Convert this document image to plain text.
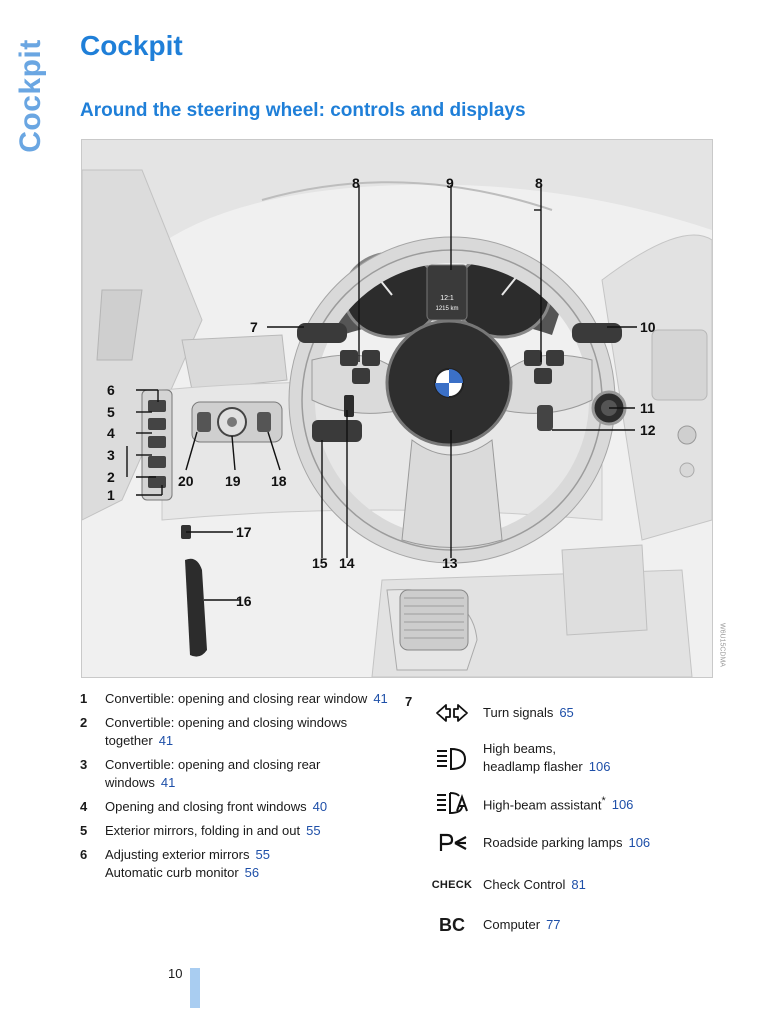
Cockpit Cockpit
Around the steering wheel: controls and displays
12:1
1215 km
8	9	8
7	10
6
5
4
3
2
1
20 19 18
11
12
13
14
15
16
17
W6U15CDMA
1 Convertible: opening and closing rear window 41
2 Convertible: opening and closing windows together 41
3 Convertible: opening and closing rear windows 41
4 Opening and closing front windows 40
5 Exterior mirrors, folding in and out 55
6 Adjusting exterior mirrors 55
Automatic curb monitor 56
7
Turn signals 65
High beams,
headlamp flasher 106
High-beam assistant* 106
Roadside parking lamps 106
CHECK Check Control 81
BC	Computer 77
10
